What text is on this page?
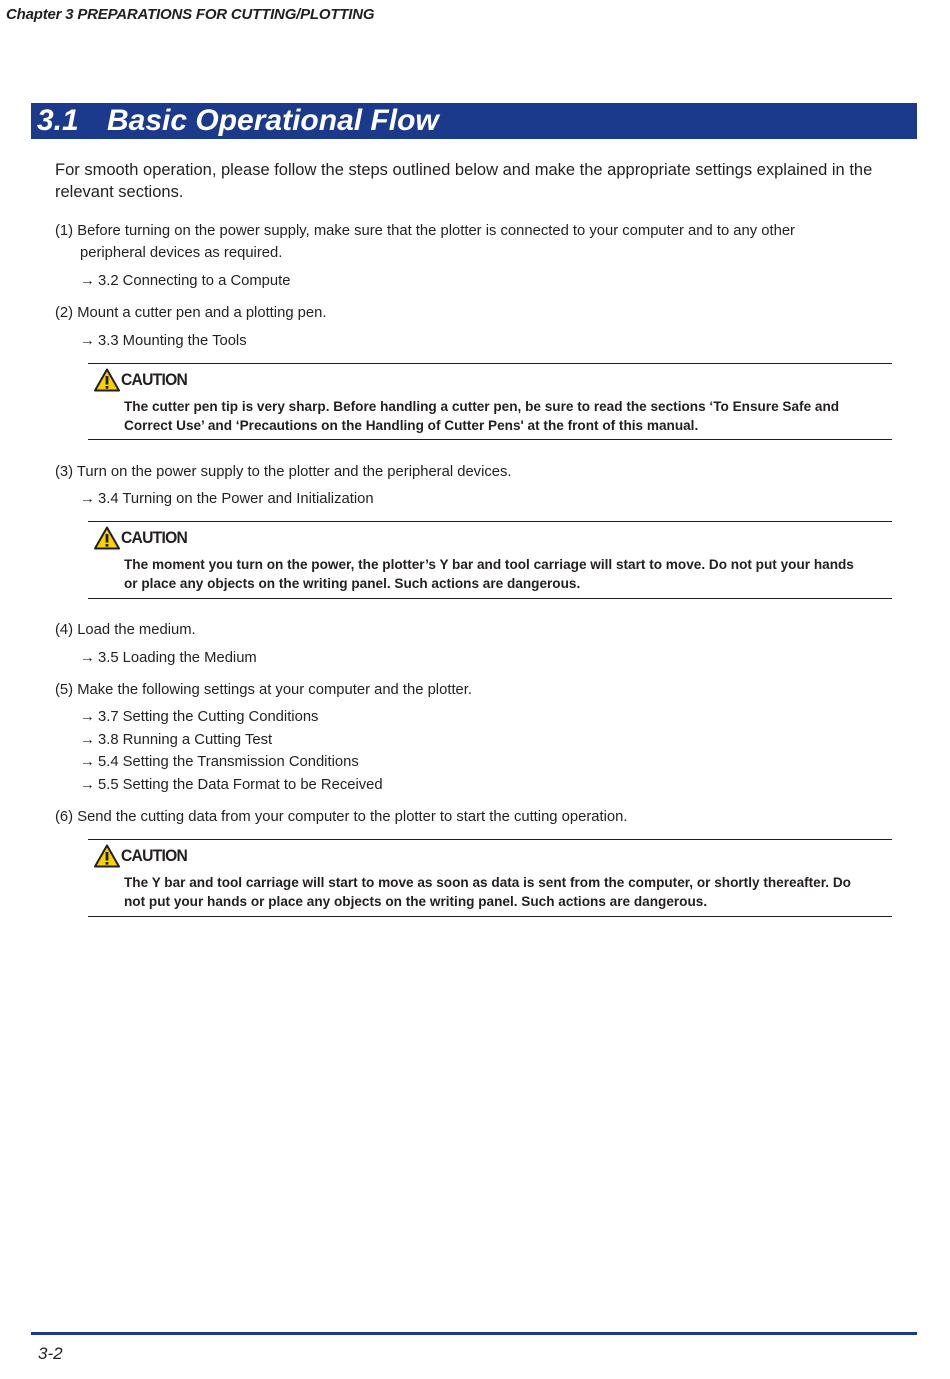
Chapter 3 PREPARATIONS FOR CUTTING/PLOTTING
3.1 Basic Operational Flow
For smooth operation, please follow the steps outlined below and make the appropriate settings explained in the relevant sections.
(1) Before turning on the power supply, make sure that the plotter is connected to your computer and to any other
peripheral devices as required.
→ 3.2 Connecting to a Compute
(2) Mount a cutter pen and a plotting pen.
→ 3.3 Mounting the Tools
CAUTION
The cutter pen tip is very sharp. Before handling a cutter pen, be sure to read the sections ‘To Ensure Safe and
Correct Use’ and ‘Precautions on the Handling of Cutter Pens' at the front of this manual.
(3) Turn on the power supply to the plotter and the peripheral devices.
→ 3.4 Turning on the Power and Initialization
CAUTION
The moment you turn on the power, the plotter’s Y bar and tool carriage will start to move. Do not put your hands
or place any objects on the writing panel. Such actions are dangerous.
(4) Load the medium.
→ 3.5 Loading the Medium
(5) Make the following settings at your computer and the plotter.
→ 3.7 Setting the Cutting Conditions
→ 3.8 Running a Cutting Test
→ 5.4 Setting the Transmission Conditions
→ 5.5 Setting the Data Format to be Received
(6) Send the cutting data from your computer to the plotter to start the cutting operation.
CAUTION
The Y bar and tool carriage will start to move as soon as data is sent from the computer, or shortly thereafter. Do
not put your hands or place any objects on the writing panel. Such actions are dangerous.
3-2
